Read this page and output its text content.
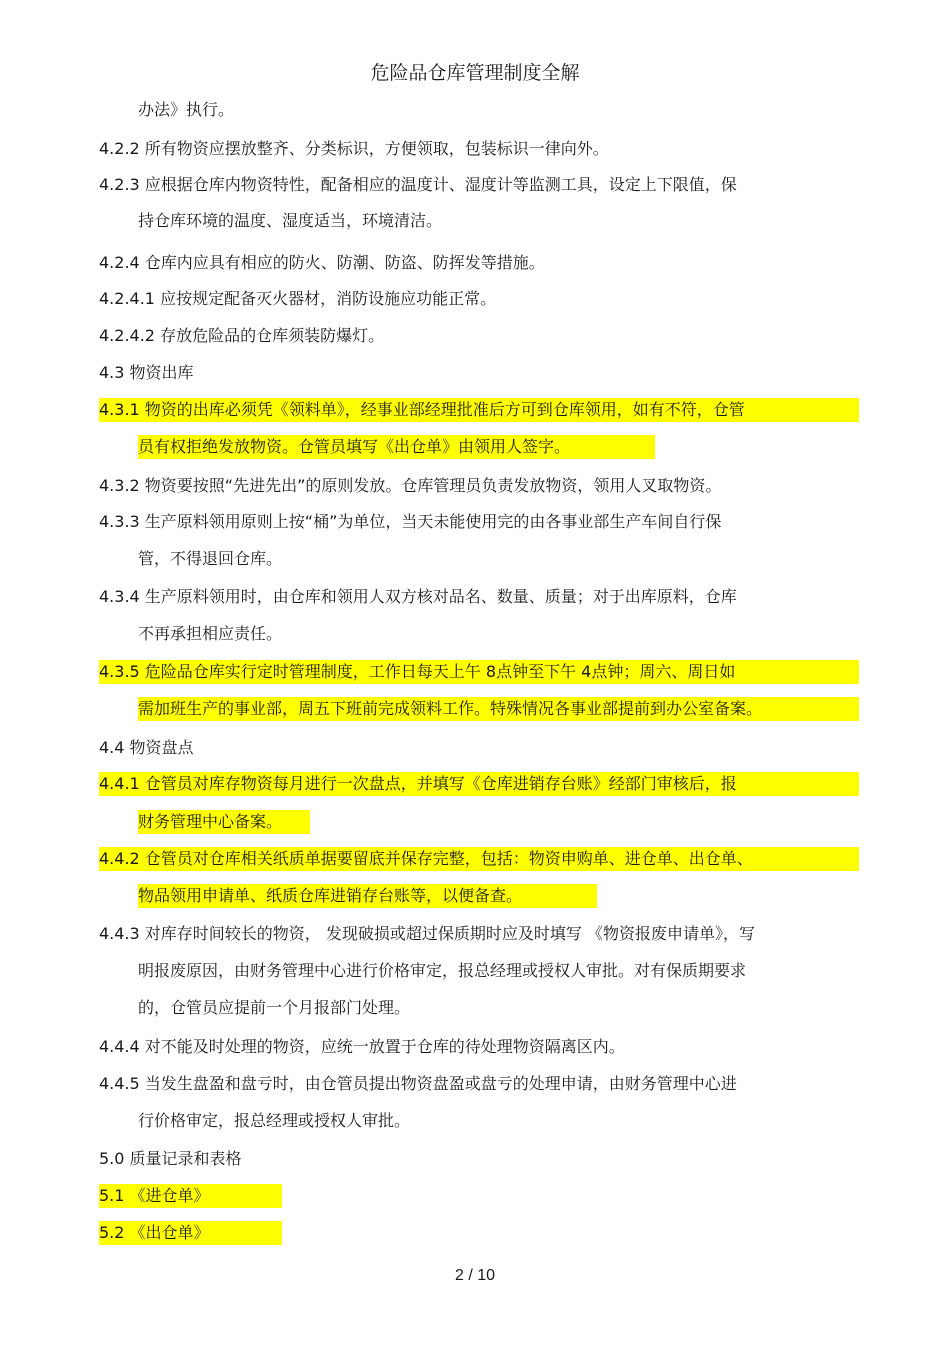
危险品仓库管理制度全解
办法》执行。
4.2.2 所有物资应摆放整齐、分类标识，方便领取，包装标识一律向外。
4.2.3 应根据仓库内物资特性，配备相应的温度计、湿度计等监测工具，设定上下限值，保
持仓库环境的温度、湿度适当，环境清洁。
4.2.4 仓库内应具有相应的防火、防潮、防盗、防挥发等措施。
4.2.4.1 应按规定配备灭火器材，消防设施应功能正常。
4.2.4.2 存放危险品的仓库须装防爆灯。
4.3 物资出库
4.3.1 物资的出库必须凭《领料单》，经事业部经理批准后方可到仓库领用，如有不符，仓管
员有权拒绝发放物资。仓管员填写《出仓单》由领用人签字。
4.3.2 物资要按照“先进先出”的原则发放。仓库管理员负责发放物资，领用人叉取物资。
4.3.3 生产原料领用原则上按“桶”为单位，当天未能使用完的由各事业部生产车间自行保
管，不得退回仓库。
4.3.4 生产原料领用时，由仓库和领用人双方核对品名、数量、质量；对于出库原料，仓库
不再承担相应责任。
4.3.5 危险品仓库实行定时管理制度，工作日每天上午 8点钟至下午 4点钟；周六、周日如
需加班生产的事业部，周五下班前完成领料工作。特殊情况各事业部提前到办公室备案。
4.4 物资盘点
4.4.1 仓管员对库存物资每月进行一次盘点，并填写《仓库进销存台账》经部门审核后，报
财务管理中心备案。
4.4.2 仓管员对仓库相关纸质单据要留底并保存完整，包括：物资申购单、进仓单、出仓单、
物品领用申请单、纸质仓库进销存台账等，以便备查。
4.4.3 对库存时间较长的物资， 发现破损或超过保质期时应及时填写 《物资报废申请单》，写
明报废原因，由财务管理中心进行价格审定，报总经理或授权人审批。对有保质期要求
的，仓管员应提前一个月报部门处理。
4.4.4 对不能及时处理的物资，应统一放置于仓库的待处理物资隔离区内。
4.4.5 当发生盘盈和盘亏时，由仓管员提出物资盘盈或盘亏的处理申请，由财务管理中心进
行价格审定，报总经理或授权人审批。
5.0 质量记录和表格
5.1 《进仓单》
5.2 《出仓单》
2 / 10
